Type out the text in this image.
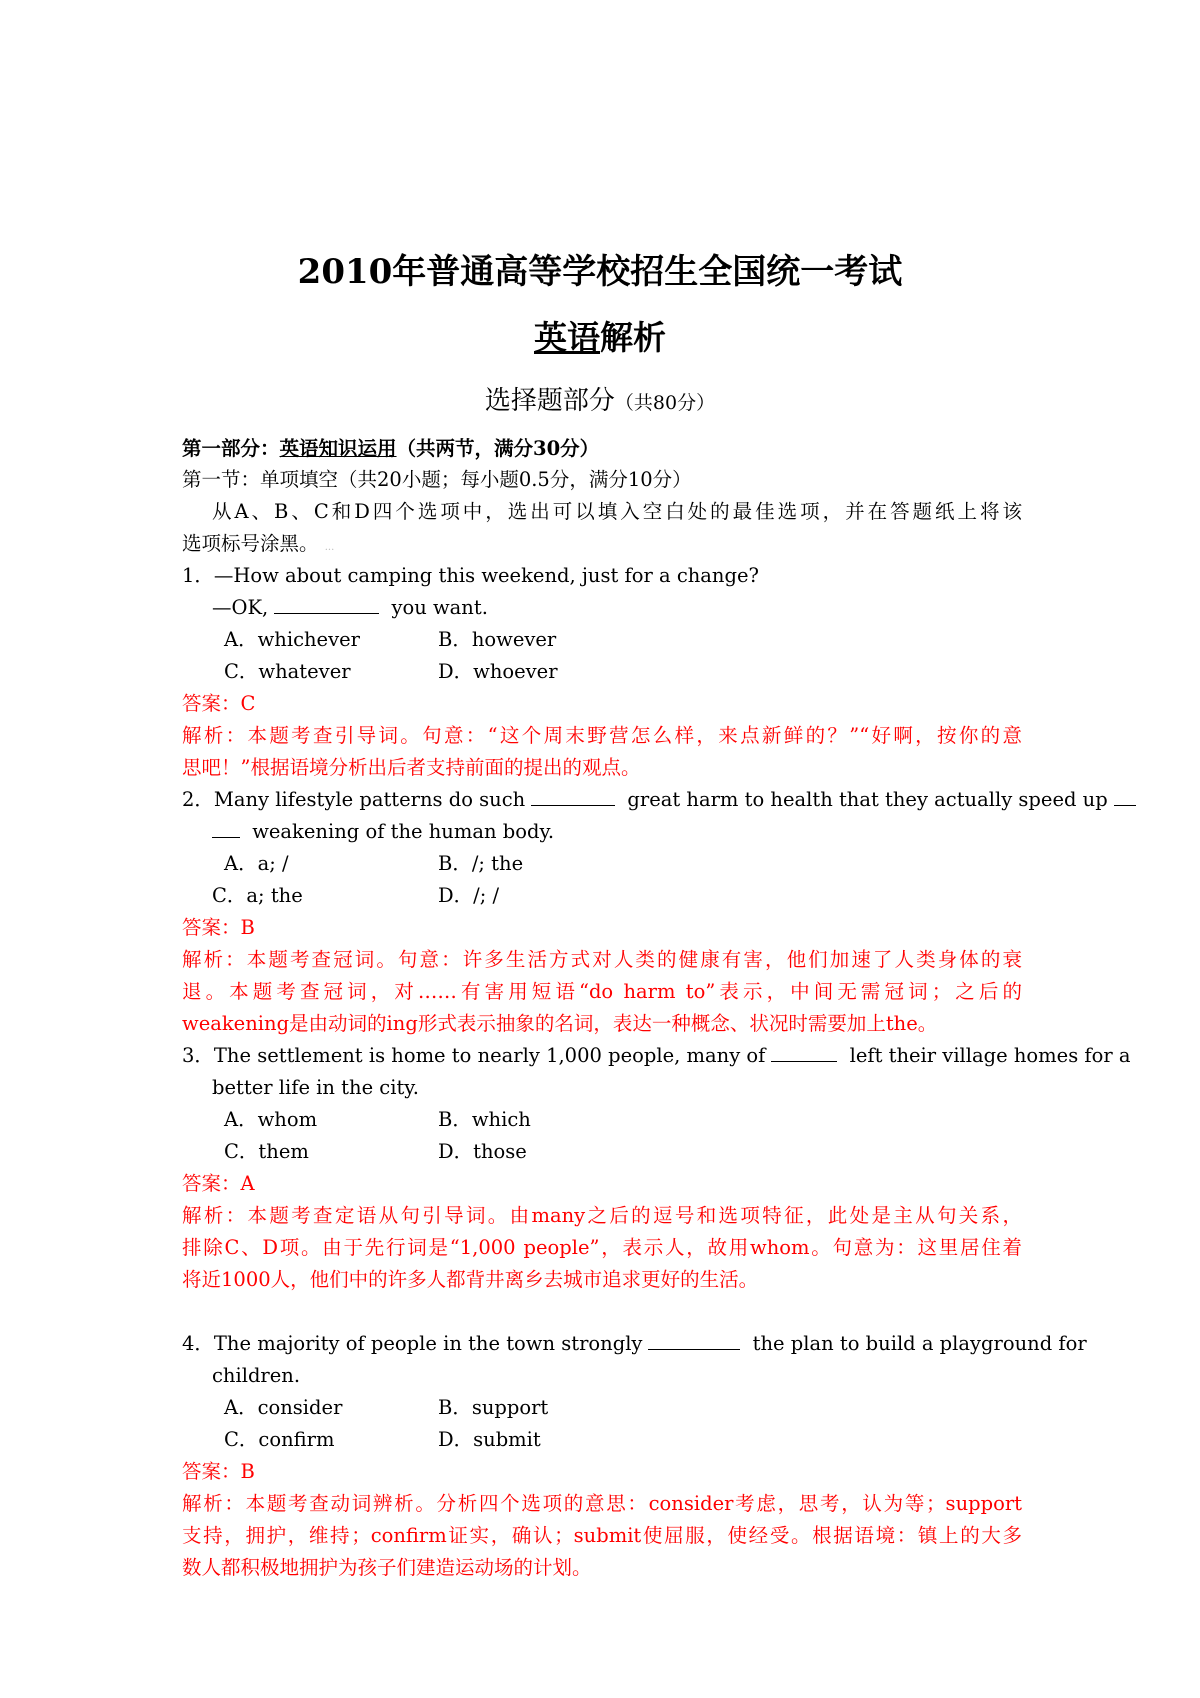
2010年普通高等学校招生全国统一考试
英语解析
选择题部分（共80分）
第一部分：英语知识运用（共两节，满分30分）
第一节：单项填空（共20小题；每小题0.5分，满分10分）
从A、B、C和D四个选项中，选出可以填入空白处的最佳选项，并在答题纸上将该
选项标号涂黑。 ...
1．—How about camping this weekend, just for a change?
—OK,	you want.
A．whichever	B．however
C．whatever	D．whoever
答案：C
解析：本题考查引导词。句意：“这个周末野营怎么样，来点新鲜的？”“好啊，按你的意
思吧！”根据语境分析出后者支持前面的提出的观点。
2．Many lifestyle patterns do such	great harm to health that they actually speed up
weakening of the human body.
A．a; /	B．/; the
C．a; the	D．/; /
答案：B
解析：本题考查冠词。句意：许多生活方式对人类的健康有害，他们加速了人类身体的衰
退。本题考查冠词，对……有害用短语“do harm to”表示，中间无需冠词；之后的
weakening是由动词的ing形式表示抽象的名词，表达一种概念、状况时需要加上the。
3．The settlement is home to nearly 1,000 people, many of	left their village homes for a
better life in the city.
A．whom	B．which
C．them	D．those
答案：A
解析：本题考查定语从句引导词。由many之后的逗号和选项特征，此处是主从句关系，
排除C、D项。由于先行词是“1,000 people”，表示人，故用whom。句意为：这里居住着
将近1000人，他们中的许多人都背井离乡去城市追求更好的生活。
4．The majority of people in the town strongly	the plan to build a playground for
children.
A．consider	B．support
C．confirm	D．submit
答案：B
解析：本题考查动词辨析。分析四个选项的意思：consider考虑，思考，认为等；support
支持，拥护，维持；confirm证实，确认；submit使屈服，使经受。根据语境：镇上的大多
数人都积极地拥护为孩子们建造运动场的计划。
